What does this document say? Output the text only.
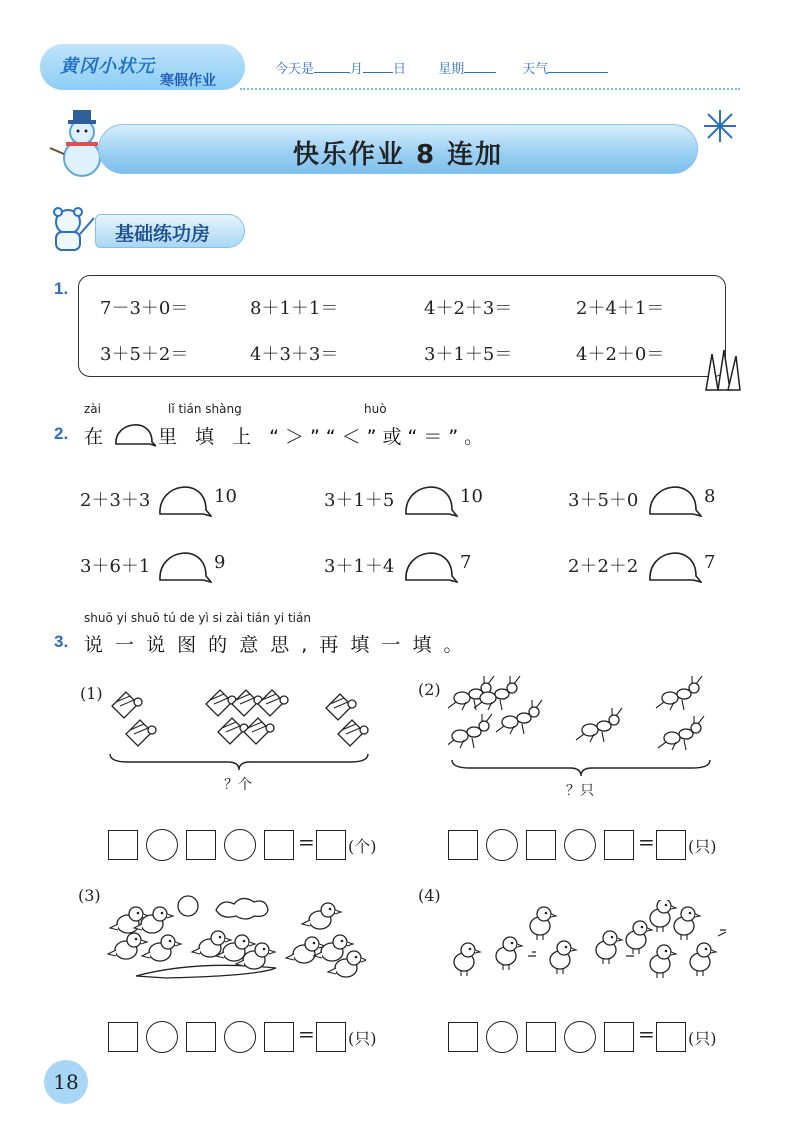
黄冈小状元
寒假作业
今天是	月 日 星期	天气
快乐作业 8 连加
基础练功房
1.
7－3＋0＝	8＋1＋1＝	4＋2＋3＝	2＋4＋1＝
3＋5＋2＝	4＋3＋3＝	3＋1＋5＝	4＋2＋0＝
zài	lǐ tián shàng	huò
2. 在	里 填 上 “＞”“＜”或“＝”。
2＋3＋3	10	3＋1＋5	10	3＋5＋0	8
3＋6＋1	9	3＋1＋4	7	2＋2＋2	7
shuō yi shuō tú de yì si zài tián yi tián
3. 说 一 说 图 的 意 思 , 再 填 一 填 。
(1)
？个
(2)
？只
= (个)	= (只)
(3)	(4)
= (只)	= (只)
18
